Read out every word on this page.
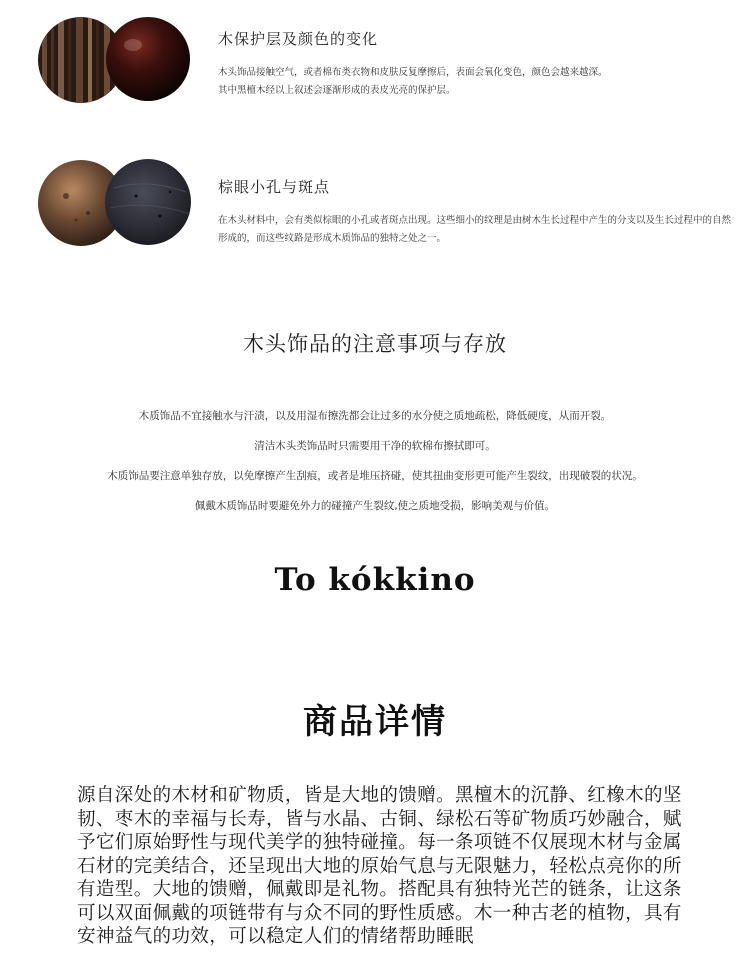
木保护层及颜色的变化
木头饰品接触空气，或者棉布类衣物和皮肤反复摩擦后，表面会氧化变色，颜色会越来越深。其中黑檀木经以上叙述会逐渐形成的表皮光亮的保护层。
棕眼小孔与斑点
在木头材料中，会有类似棕眼的小孔或者斑点出现。这些细小的纹理是由树木生长过程中产生的分支以及生长过程中的自然形成的，而这些纹路是形成木质饰品的独特之处之一。
木头饰品的注意事项与存放
木质饰品不宜接触水与汗渍，以及用湿布擦洗都会让过多的水分使之质地疏松，降低硬度，从而开裂。
清洁木头类饰品时只需要用干净的软棉布擦拭即可。
木质饰品要注意单独存放，以免摩擦产生刮痕，或者是堆压挤碰，使其扭曲变形更可能产生裂纹，出现破裂的状况。
佩戴木质饰品时要避免外力的碰撞产生裂纹,使之质地受损，影响美观与价值。
To kókkino
商品详情
源自深处的木材和矿物质，皆是大地的馈赠。黑檀木的沉静、红橡木的坚韧、枣木的幸福与长寿，皆与水晶、古铜、绿松石等矿物质巧妙融合，赋予它们原始野性与现代美学的独特碰撞。每一条项链不仅展现木材与金属石材的完美结合，还呈现出大地的原始气息与无限魅力，轻松点亮你的所有造型。大地的馈赠，佩戴即是礼物。搭配具有独特光芒的链条，让这条可以双面佩戴的项链带有与众不同的野性质感。木一种古老的植物，具有安神益气的功效，可以稳定人们的情绪帮助睡眠
